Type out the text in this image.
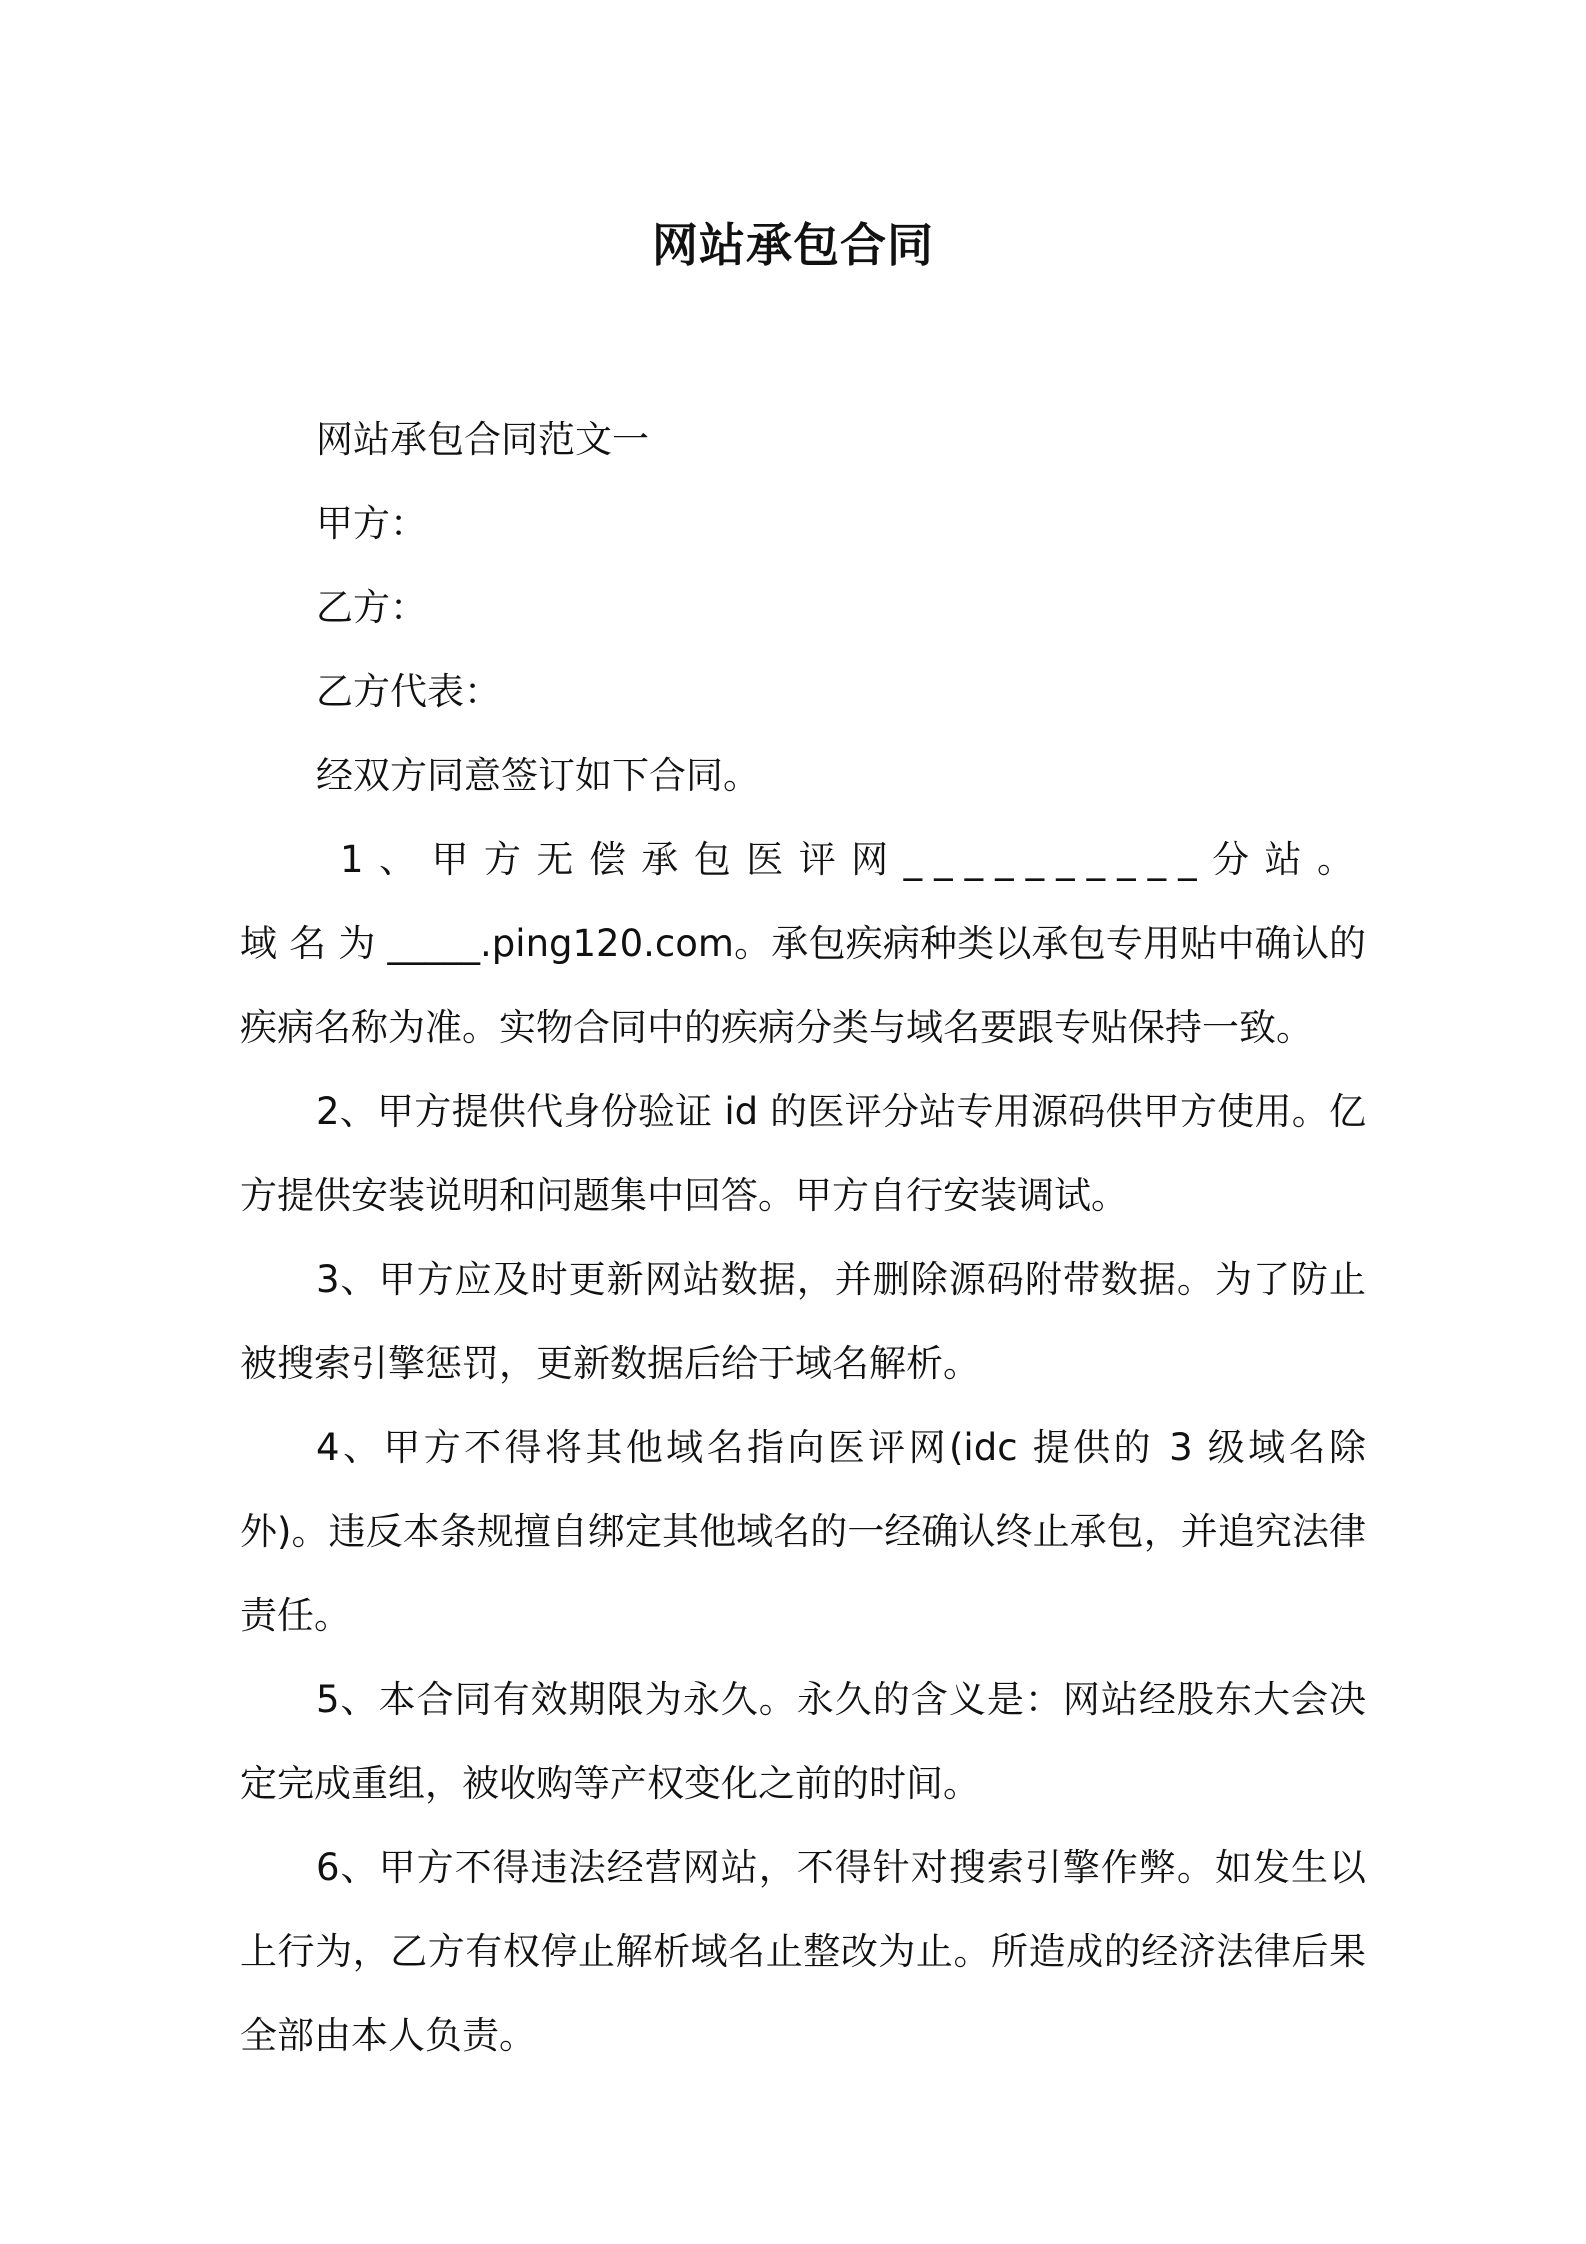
网站承包合同

网站承包合同范文一

甲方：

乙方：

乙方代表：

经双方同意签订如下合同。

1、甲方无偿承包医评网__________分站。域名为_____.ping120.com。承包疾病种类以承包专用贴中确认的疾病名称为准。实物合同中的疾病分类与域名要跟专贴保持一致。

2、甲方提供代身份验证 id 的医评分站专用源码供甲方使用。亿方提供安装说明和问题集中回答。甲方自行安装调试。

3、甲方应及时更新网站数据，并删除源码附带数据。为了防止被搜索引擎惩罚，更新数据后给于域名解析。

4、甲方不得将其他域名指向医评网(idc 提供的 3 级域名除外)。违反本条规擅自绑定其他域名的一经确认终止承包，并追究法律责任。

5、本合同有效期限为永久。永久的含义是：网站经股东大会决定完成重组，被收购等产权变化之前的时间。

6、甲方不得违法经营网站，不得针对搜索引擎作弊。如发生以上行为，乙方有权停止解析域名止整改为止。所造成的经济法律后果全部由本人负责。
